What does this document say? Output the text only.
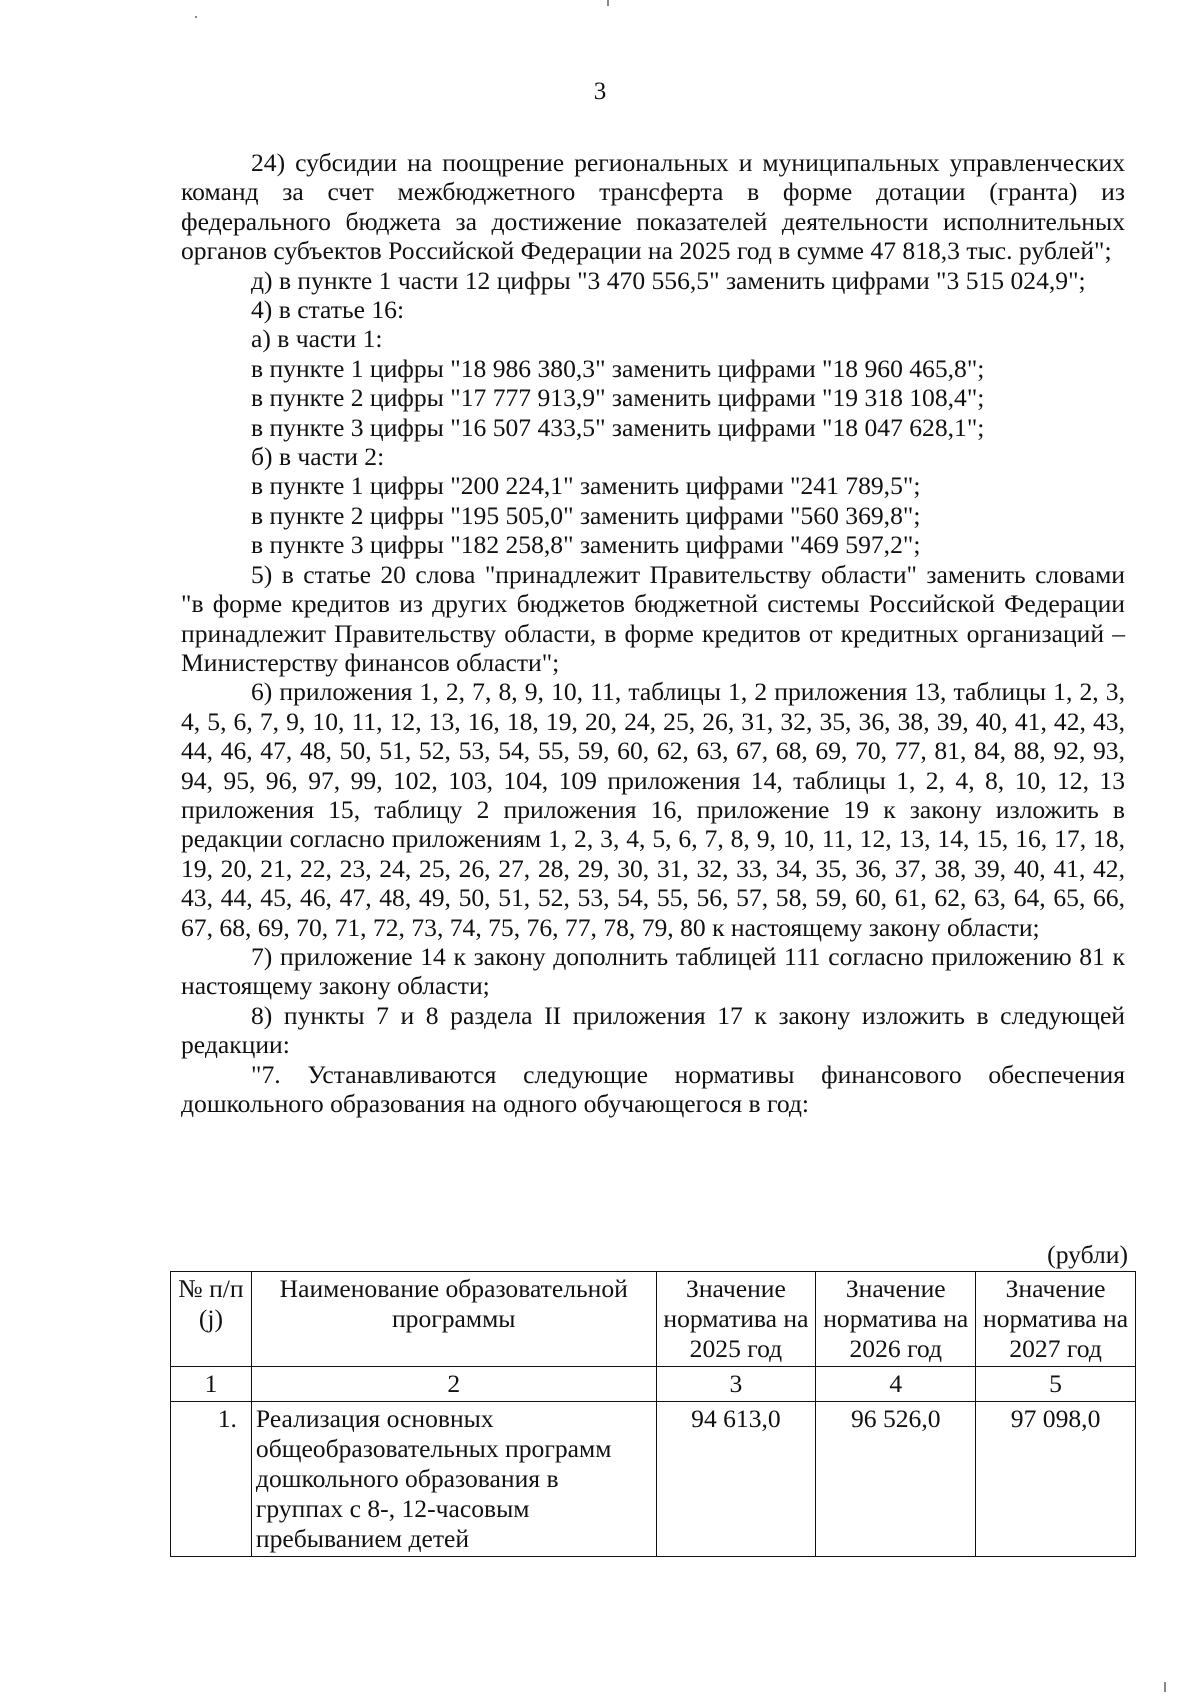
3

24) субсидии на поощрение региональных и муниципальных управленческих команд за счет межбюджетного трансферта в форме дотации (гранта) из федерального бюджета за достижение показателей деятельности исполнительных органов субъектов Российской Федерации на 2025 год в сумме 47 818,3 тыс. рублей";

д) в пункте 1 части 12 цифры "3 470 556,5" заменить цифрами "3 515 024,9";

4) в статье 16:

а) в части 1:

в пункте 1 цифры "18 986 380,3" заменить цифрами "18 960 465,8";

в пункте 2 цифры "17 777 913,9" заменить цифрами "19 318 108,4";

в пункте 3 цифры "16 507 433,5" заменить цифрами "18 047 628,1";

б) в части 2:

в пункте 1 цифры "200 224,1" заменить цифрами "241 789,5";

в пункте 2 цифры "195 505,0" заменить цифрами "560 369,8";

в пункте 3 цифры "182 258,8" заменить цифрами "469 597,2";

5) в статье 20 слова "принадлежит Правительству области" заменить словами "в форме кредитов из других бюджетов бюджетной системы Российской Федерации принадлежит Правительству области, в форме кредитов от кредитных организаций – Министерству финансов области";

6) приложения 1, 2, 7, 8, 9, 10, 11, таблицы 1, 2 приложения 13, таблицы 1, 2, 3, 4, 5, 6, 7, 9, 10, 11, 12, 13, 16, 18, 19, 20, 24, 25, 26, 31, 32, 35, 36, 38, 39, 40, 41, 42, 43, 44, 46, 47, 48, 50, 51, 52, 53, 54, 55, 59, 60, 62, 63, 67, 68, 69, 70, 77, 81, 84, 88, 92, 93, 94, 95, 96, 97, 99, 102, 103, 104, 109 приложения 14, таблицы 1, 2, 4, 8, 10, 12, 13 приложения 15, таблицу 2 приложения 16, приложение 19 к закону изложить в редакции согласно приложениям 1, 2, 3, 4, 5, 6, 7, 8, 9, 10, 11, 12, 13, 14, 15, 16, 17, 18, 19, 20, 21, 22, 23, 24, 25, 26, 27, 28, 29, 30, 31, 32, 33, 34, 35, 36, 37, 38, 39, 40, 41, 42, 43, 44, 45, 46, 47, 48, 49, 50, 51, 52, 53, 54, 55, 56, 57, 58, 59, 60, 61, 62, 63, 64, 65, 66, 67, 68, 69, 70, 71, 72, 73, 74, 75, 76, 77, 78, 79, 80 к настоящему закону области;

7) приложение 14 к закону дополнить таблицей 111 согласно приложению 81 к настоящему закону области;

8) пункты 7 и 8 раздела II приложения 17 к закону изложить в следующей редакции:

"7. Устанавливаются следующие нормативы финансового обеспечения дошкольного образования на одного обучающегося в год:

(рубли)
№ п/п (j)	Наименование образовательной программы	Значение норматива на 2025 год	Значение норматива на 2026 год	Значение норматива на 2027 год
1	2	3	4	5
1.	Реализация основных общеобразовательных программ дошкольного образования в группах с 8-, 12-часовым пребыванием детей	94 613,0	96 526,0	97 098,0
